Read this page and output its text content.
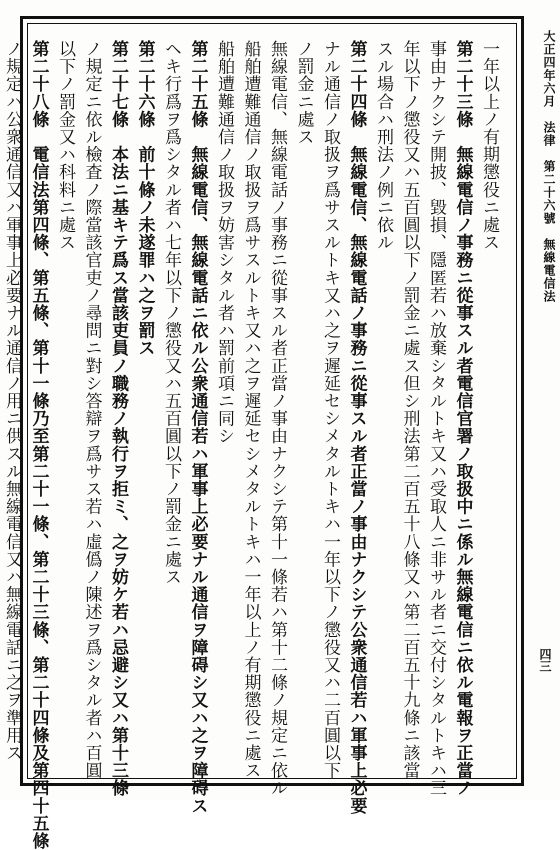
大正四年六月　法律　第二十六號　無線電信法
四三
一年以上ノ有期懲役ニ處ス
第二十三條　無線電信ノ事務ニ從事スル者電信官署ノ取扱中ニ係ル無線電信ニ依ル電報ヲ正當ノ
事由ナクシテ開披、毀損、隱匿若ハ放棄シタルトキ又ハ受取人ニ非サル者ニ交付シタルトキハ三
年以下ノ懲役又ハ五百圓以下ノ罰金ニ處ス但シ刑法第二百五十八條又ハ第二百五十九條ニ該當
スル場合ハ刑法ノ例ニ依ル
第二十四條　無線電信、無線電話ノ事務ニ從事スル者正當ノ事由ナクシテ公衆通信若ハ軍事上必要
ナル通信ノ取扱ヲ爲サスルトキ又ハ之ヲ遲延セシメタルトキハ一年以下ノ懲役又ハ二百圓以下
ノ罰金ニ處ス
無線電信、無線電話ノ事務ニ從事スル者正當ノ事由ナクシテ第十一條若ハ第十二條ノ規定ニ依ル
船舶遭難通信ノ取扱ヲ爲サスルトキ又ハ之ヲ遲延セシメタルトキハ一年以上ノ有期懲役ニ處ス
船舶遭難通信ノ取扱ヲ妨害シタル者ハ罰前項ニ同シ
第二十五條　無線電信、無線電話ニ依ル公衆通信若ハ軍事上必要ナル通信ヲ障碍シ又ハ之ヲ障碍ス
ヘキ行爲ヲ爲シタル者ハ七年以下ノ懲役又ハ五百圓以下ノ罰金ニ處ス
第二十六條　前十條ノ未遂罪ハ之ヲ罰ス
第二十七條　本法ニ基キテ爲ス當該吏員ノ職務ノ執行ヲ拒ミ、之ヲ妨ケ若ハ忌避シ又ハ第十三條
ノ規定ニ依ル檢査ノ際當該官吏ノ尋問ニ對シ答辯ヲ爲サス若ハ虛僞ノ陳述ヲ爲シタル者ハ百圓
以下ノ罰金又ハ科料ニ處ス
第二十八條　電信法第四條、第五條、第十一條乃至第二十一條、第二十三條、第二十四條及第四十五條
ノ規定ハ公衆通信又ハ軍事上必要ナル通信ノ用ニ供スル無線電信又ハ無線電話ニ之ヲ準用ス
